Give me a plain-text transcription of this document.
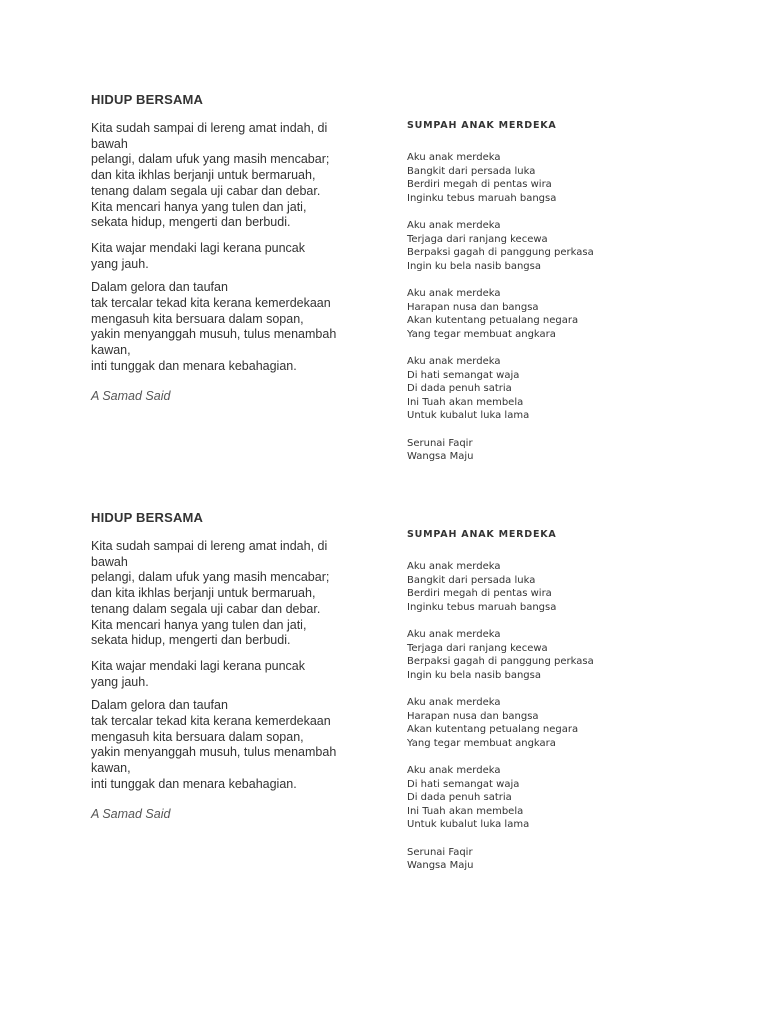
HIDUP BERSAMA
Kita sudah sampai di lereng amat indah, di
bawah
pelangi, dalam ufuk yang masih mencabar;
dan kita ikhlas berjanji untuk bermaruah,
tenang dalam segala uji cabar dan debar.
Kita mencari hanya yang tulen dan jati,
sekata hidup, mengerti dan berbudi.
Kita wajar mendaki lagi kerana puncak
yang jauh.
Dalam gelora dan taufan
tak tercalar tekad kita kerana kemerdekaan
mengasuh kita bersuara dalam sopan,
yakin menyanggah musuh, tulus menambah
kawan,
inti tunggak dan menara kebahagian.
A Samad Said
SUMPAH ANAK MERDEKA
Aku anak merdeka
Bangkit dari persada luka
Berdiri megah di pentas wira
Inginku tebus maruah bangsa
Aku anak merdeka
Terjaga dari ranjang kecewa
Berpaksi gagah di panggung perkasa
Ingin ku bela nasib bangsa
Aku anak merdeka
Harapan nusa dan bangsa
Akan kutentang petualang negara
Yang tegar membuat angkara
Aku anak merdeka
Di hati semangat waja
Di dada penuh satria
Ini Tuah akan membela
Untuk kubalut luka lama
Serunai Faqir
Wangsa Maju
HIDUP BERSAMA
Kita sudah sampai di lereng amat indah, di
bawah
pelangi, dalam ufuk yang masih mencabar;
dan kita ikhlas berjanji untuk bermaruah,
tenang dalam segala uji cabar dan debar.
Kita mencari hanya yang tulen dan jati,
sekata hidup, mengerti dan berbudi.
Kita wajar mendaki lagi kerana puncak
yang jauh.
Dalam gelora dan taufan
tak tercalar tekad kita kerana kemerdekaan
mengasuh kita bersuara dalam sopan,
yakin menyanggah musuh, tulus menambah
kawan,
inti tunggak dan menara kebahagian.
A Samad Said
SUMPAH ANAK MERDEKA
Aku anak merdeka
Bangkit dari persada luka
Berdiri megah di pentas wira
Inginku tebus maruah bangsa
Aku anak merdeka
Terjaga dari ranjang kecewa
Berpaksi gagah di panggung perkasa
Ingin ku bela nasib bangsa
Aku anak merdeka
Harapan nusa dan bangsa
Akan kutentang petualang negara
Yang tegar membuat angkara
Aku anak merdeka
Di hati semangat waja
Di dada penuh satria
Ini Tuah akan membela
Untuk kubalut luka lama
Serunai Faqir
Wangsa Maju
